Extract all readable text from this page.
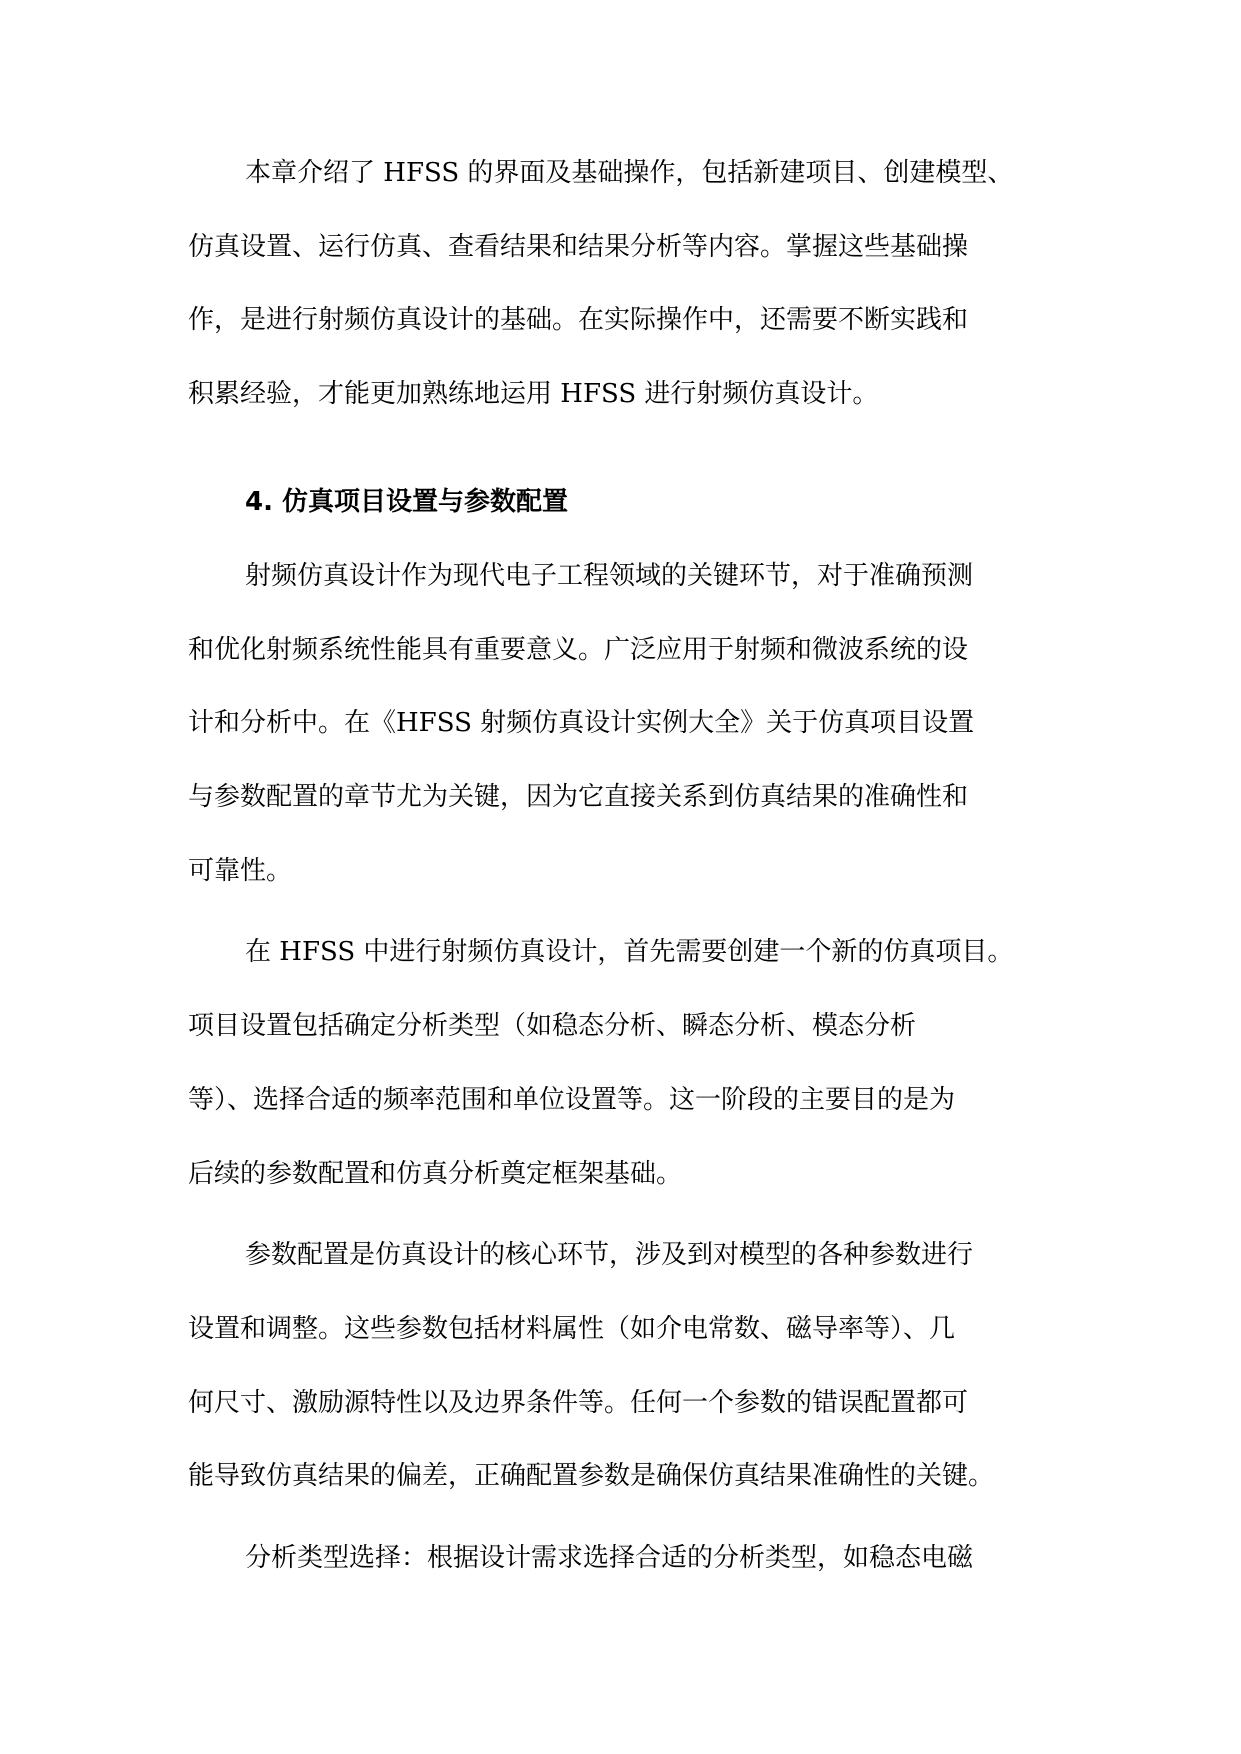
本章介绍了 HFSS 的界面及基础操作，包括新建项目、创建模型、
仿真设置、运行仿真、查看结果和结果分析等内容。掌握这些基础操
作，是进行射频仿真设计的基础。在实际操作中，还需要不断实践和
积累经验，才能更加熟练地运用 HFSS 进行射频仿真设计。
4. 仿真项目设置与参数配置
射频仿真设计作为现代电子工程领域的关键环节，对于准确预测
和优化射频系统性能具有重要意义。广泛应用于射频和微波系统的设
计和分析中。在《HFSS 射频仿真设计实例大全》关于仿真项目设置
与参数配置的章节尤为关键，因为它直接关系到仿真结果的准确性和
可靠性。
在 HFSS 中进行射频仿真设计，首先需要创建一个新的仿真项目。
项目设置包括确定分析类型（如稳态分析、瞬态分析、模态分析
等）、选择合适的频率范围和单位设置等。这一阶段的主要目的是为
后续的参数配置和仿真分析奠定框架基础。
参数配置是仿真设计的核心环节，涉及到对模型的各种参数进行
设置和调整。这些参数包括材料属性（如介电常数、磁导率等）、几
何尺寸、激励源特性以及边界条件等。任何一个参数的错误配置都可
能导致仿真结果的偏差，正确配置参数是确保仿真结果准确性的关键。
分析类型选择：根据设计需求选择合适的分析类型，如稳态电磁
